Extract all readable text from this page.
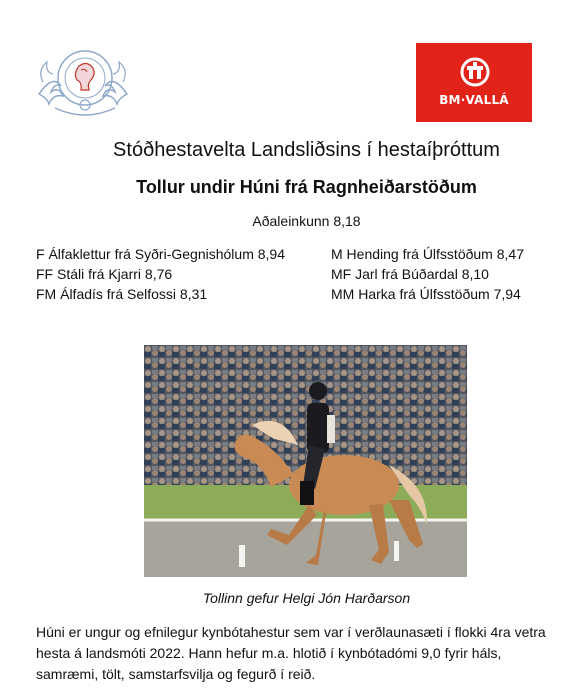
BM·VALLÁ
Stóðhestavelta Landsliðsins í hestaíþróttum
Tollur undir Húni frá Ragnheiðarstöðum
Aðaleinkunn 8,18
F Álfaklettur frá Syðri-Gegnishólum 8,94
FF Stáli frá Kjarri 8,76
FM Álfadís frá Selfossi 8,31
M Hending frá Úlfsstöðum 8,47
MF Jarl frá Búðardal 8,10
MM Harka frá Úlfsstöðum 7,94
Tollinn gefur Helgi Jón Harðarson
Húni er ungur og efnilegur kynbótahestur sem var í verðlaunasæti í flokki 4ra vetra hesta á landsmóti 2022. Hann hefur m.a. hlotið í kynbótadómi 9,0 fyrir háls, samræmi, tölt, samstarfsvilja og fegurð í reið.
